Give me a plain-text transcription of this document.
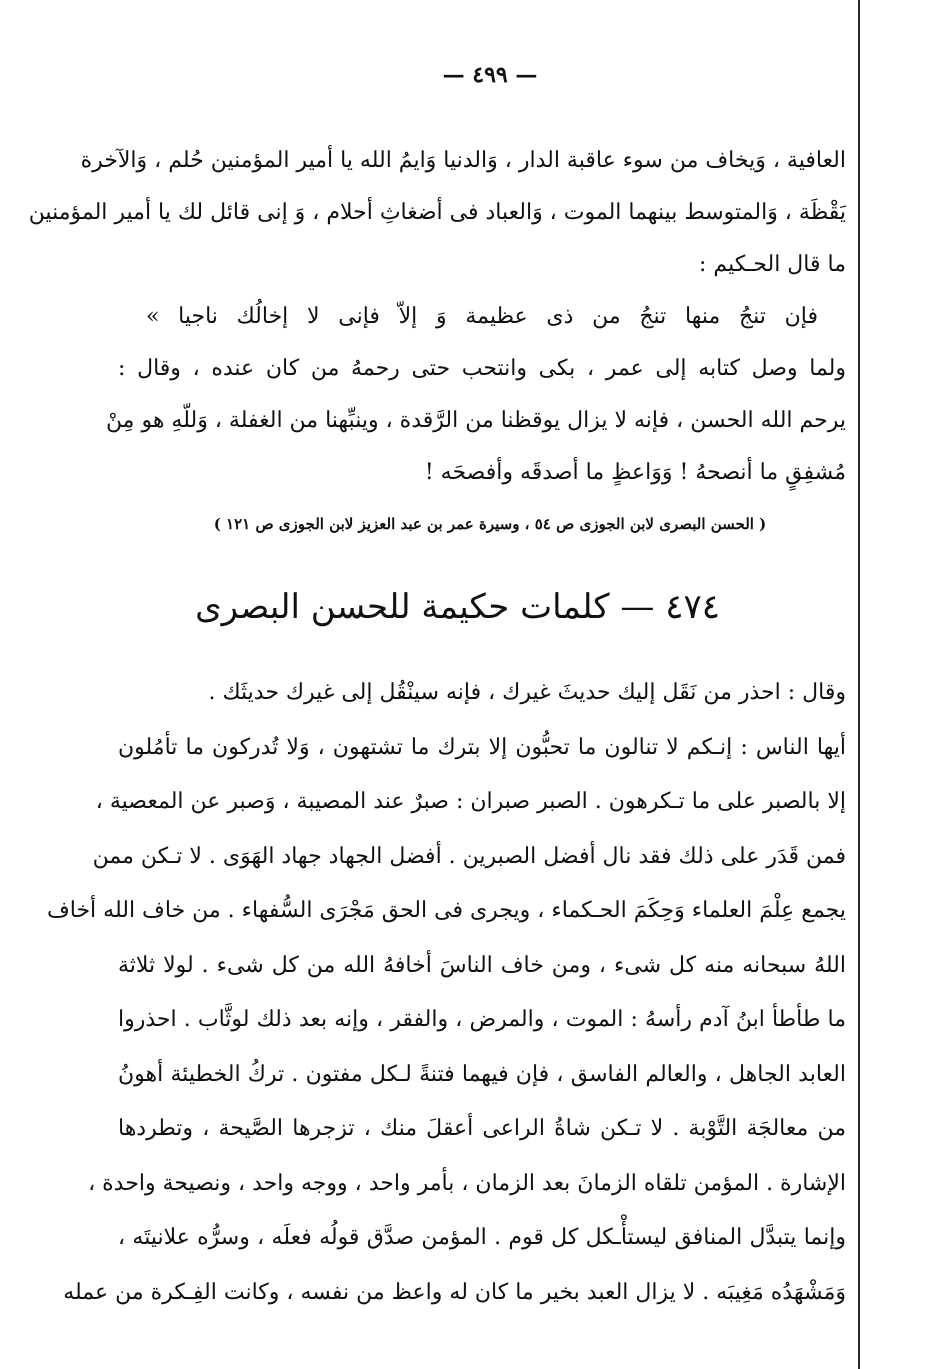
— ٤٩٩ —
العافية ، وَيخاف من سوء عاقبة الدار ، وَالدنيا وَايمُ الله يا أمير المؤمنين حُلم ، وَالآخرة
يَقْظَة ، وَالمتوسط بينهما الموت ، وَالعباد فى أضغاثِ أحلام ، وَ إنى قائل لك يا أمير المؤمنين
ما قال الحـكيم :
فإن تنجُ منها تنجُ من ذى عظيمة وَ إلاّ فإنى لا إخالُك ناجيا »
ولما وصل كتابه إلى عمر ، بكى وانتحب حتى رحمهُ من كان عنده ، وقال :
يرحم الله الحسن ، فإنه لا يزال يوقظنا من الرَّقدة ، وينبِّهنا من الغفلة ، وَللّهِ هو مِنْ
مُشفِقٍ ما أنصحهُ ! وَوَاعظٍ ما أصدقَه وأفصحَه !
( الحسن البصرى لابن الجوزى ص ٥٤ ، وسيرة عمر بن عبد العزيز لابن الجوزى ص ١٢١ )
٤٧٤ — كلمات حكيمة للحسن البصرى
وقال : احذر من نَقَل إليك حديثَ غيرك ، فإنه سينْقُل إلى غيرك حديثَك .
أيها الناس : إنـكم لا تنالون ما تحبُّون إلا بترك ما تشتهون ، وَلا تُدركون ما تأمُلون
إلا بالصبر على ما تـكرهون . الصبر صبران : صبرٌ عند المصيبة ، وَصبر عن المعصية ،
فمن قَدَر على ذلك فقد نال أفضل الصبرين . أفضل الجهاد جهاد الهَوَى . لا تـكن ممن
يجمع عِلْمَ العلماء وَحِكَمَ الحـكماء ، ويجرى فى الحق مَجْرَى السُّفهاء . من خاف الله أخاف
اللهُ سبحانه منه كل شىء ، ومن خاف الناسَ أخافهُ الله من كل شىء . لولا ثلاثة
ما طأطأ ابنُ آدم رأسهُ : الموت ، والمرض ، والفقر ، وإنه بعد ذلك لوثَّاب . احذروا
العابد الجاهل ، والعالم الفاسق ، فإن فيهما فتنةً لـكل مفتون . تركُ الخطيئة أهونُ
من معالجَة التَّوْبة . لا تـكن شاةُ الراعى أعقلَ منك ، تزجرها الصَّيحة ، وتطردها
الإشارة . المؤمن تلقاه الزمانَ بعد الزمان ، بأمر واحد ، ووجه واحد ، ونصيحة واحدة ،
وإنما يتبدَّل المنافق ليستأْـكل كل قوم . المؤمن صدَّق قولُه فعلَه ، وسرُّه علانيتَه ،
وَمَشْهَدُه مَغِيبَه . لا يزال العبد بخير ما كان له واعظ من نفسه ، وكانت الفِـكرة من عمله
